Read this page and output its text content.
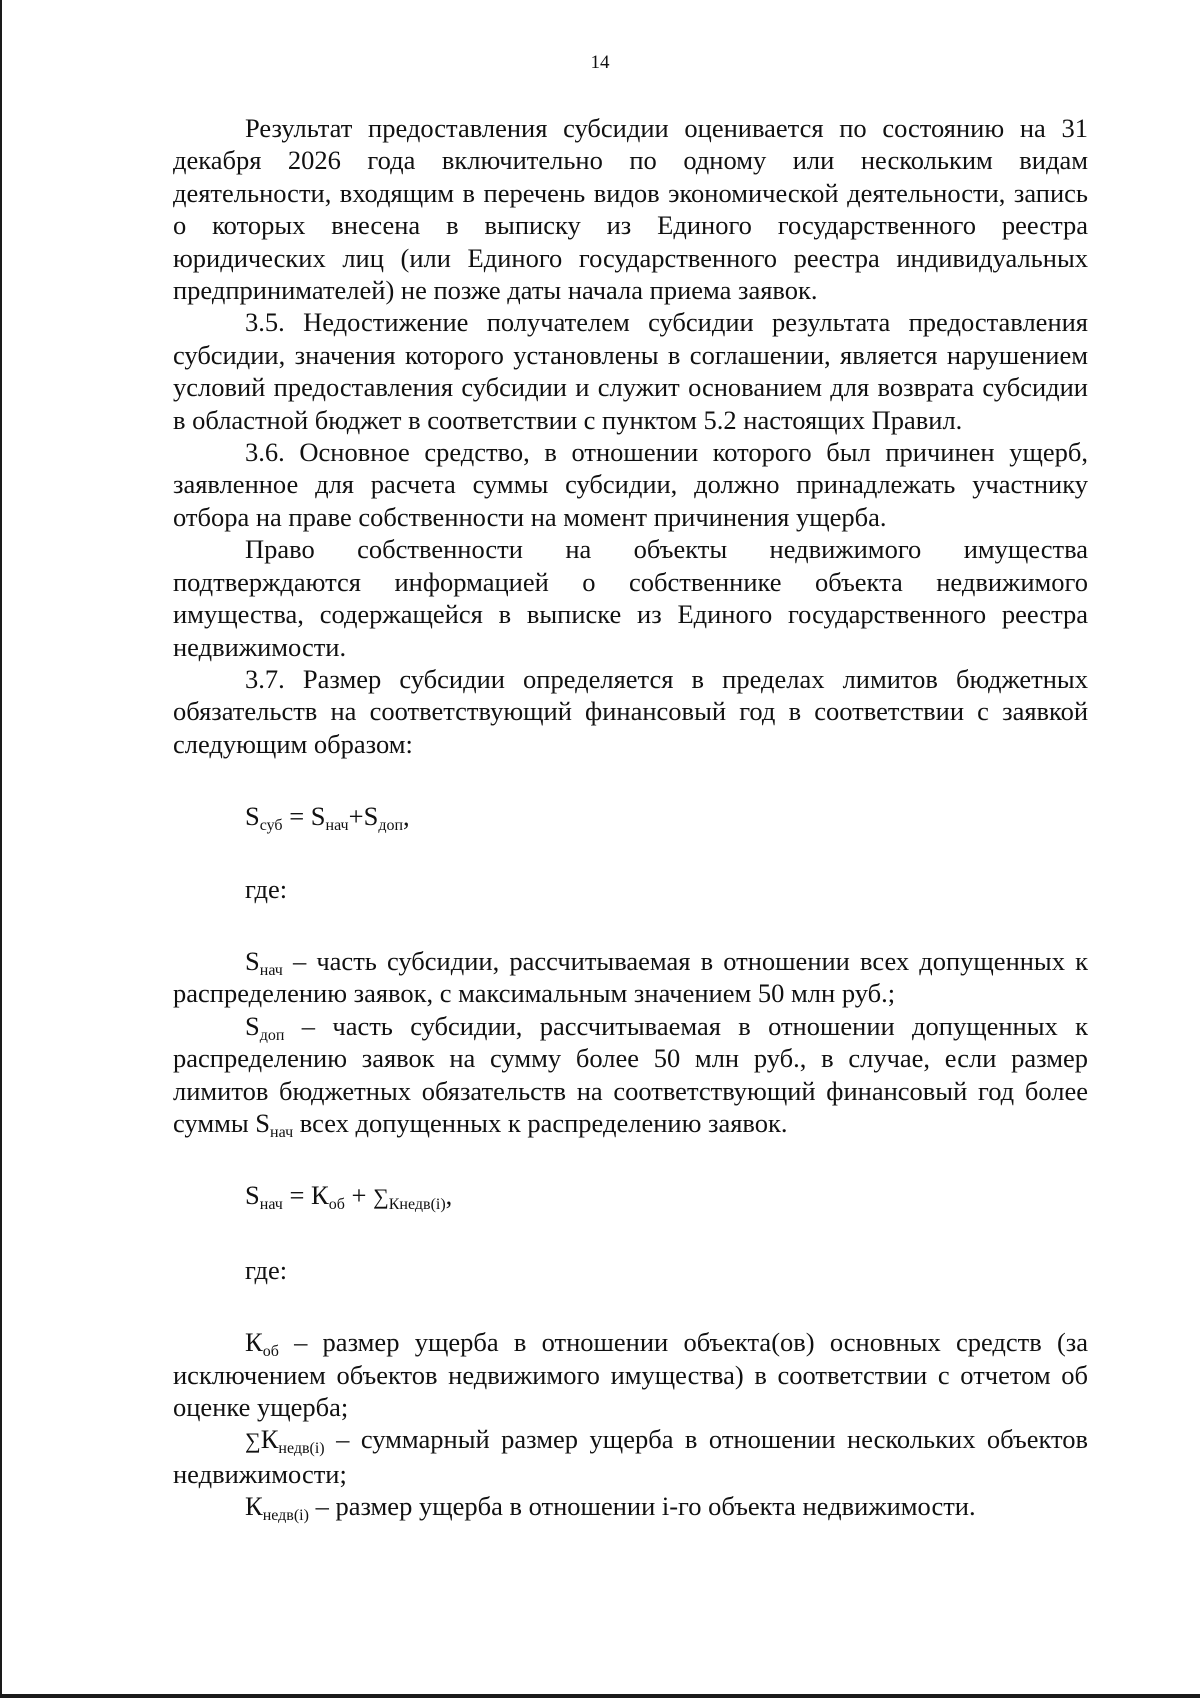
14

Результат предоставления субсидии оценивается по состоянию на 31 декабря 2026 года включительно по одному или нескольким видам деятельности, входящим в перечень видов экономической деятельности, запись о которых внесена в выписку из Единого государственного реестра юридических лиц (или Единого государственного реестра индивидуальных предпринимателей) не позже даты начала приема заявок.

3.5. Недостижение получателем субсидии результата предоставления субсидии, значения которого установлены в соглашении, является нарушением условий предоставления субсидии и служит основанием для возврата субсидии в областной бюджет в соответствии с пунктом 5.2 настоящих Правил.

3.6. Основное средство, в отношении которого был причинен ущерб, заявленное для расчета суммы субсидии, должно принадлежать участнику отбора на праве собственности на момент причинения ущерба.

Право собственности на объекты недвижимого имущества подтверждаются информацией о собственнике объекта недвижимого имущества, содержащейся в выписке из Единого государственного реестра недвижимости.

3.7. Размер субсидии определяется в пределах лимитов бюджетных обязательств на соответствующий финансовый год в соответствии с заявкой следующим образом:

$S_{суб} = S_{нач}+S_{доп}$,

где:

$S_{нач}$ – часть субсидии, рассчитываемая в отношении всех допущенных к распределению заявок, с максимальным значением 50 млн руб.;

$S_{доп}$ – часть субсидии, рассчитываемая в отношении допущенных к распределению заявок на сумму более 50 млн руб., в случае, если размер лимитов бюджетных обязательств на соответствующий финансовый год более суммы $S_{нач}$ всех допущенных к распределению заявок.

$S_{нач} = К_{об} + \sum_{Кнедв(i)}$,

где:

$К_{об}$ – размер ущерба в отношении объекта(ов) основных средств (за исключением объектов недвижимого имущества) в соответствии с отчетом об оценке ущерба;

$\sum К_{недв(i)}$ – суммарный размер ущерба в отношении нескольких объектов недвижимости;

$К_{недв(i)}$ – размер ущерба в отношении i-го объекта недвижимости.
